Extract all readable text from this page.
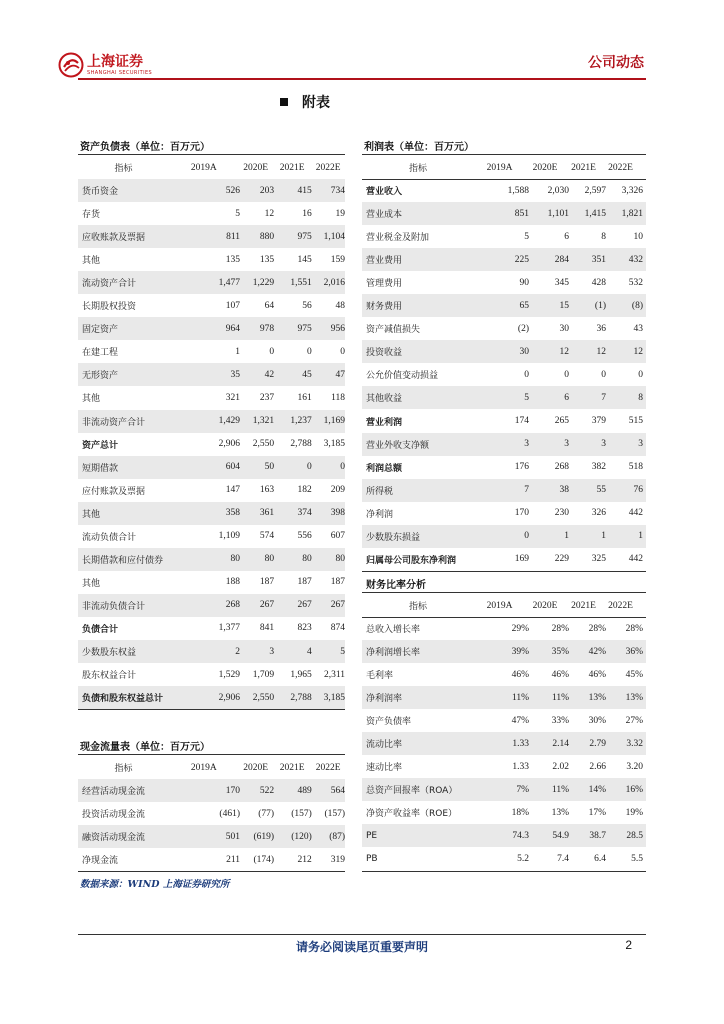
上海证券
SHANGHAI SECURITIES
公司动态
附表
资产负债表（单位：百万元）
指标	2019A	2020E	2021E	2022E
货币资金	526	203	415	734
存货	5	12	16	19
应收账款及票据	811	880	975	1,104
其他	135	135	145	159
流动资产合计	1,477	1,229	1,551	2,016
长期股权投资	107	64	56	48
固定资产	964	978	975	956
在建工程	1	0	0	0
无形资产	35	42	45	47
其他	321	237	161	118
非流动资产合计	1,429	1,321	1,237	1,169
资产总计	2,906	2,550	2,788	3,185
短期借款	604	50	0	0
应付账款及票据	147	163	182	209
其他	358	361	374	398
流动负债合计	1,109	574	556	607
长期借款和应付债券	80	80	80	80
其他	188	187	187	187
非流动负债合计	268	267	267	267
负债合计	1,377	841	823	874
少数股东权益	2	3	4	5
股东权益合计	1,529	1,709	1,965	2,311
负债和股东权益总计	2,906	2,550	2,788	3,185
现金流量表（单位：百万元）
指标	2019A	2020E	2021E	2022E
经营活动现金流	170	522	489	564
投资活动现金流	(461)	(77)	(157)	(157)
融资活动现金流	501	(619)	(120)	(87)
净现金流	211	(174)	212	319
利润表（单位：百万元）
指标	2019A	2020E	2021E	2022E
营业收入	1,588	2,030	2,597	3,326
营业成本	851	1,101	1,415	1,821
营业税金及附加	5	6	8	10
营业费用	225	284	351	432
管理费用	90	345	428	532
财务费用	65	15	(1)	(8)
资产减值损失	(2)	30	36	43
投资收益	30	12	12	12
公允价值变动损益	0	0	0	0
其他收益	5	6	7	8
营业利润	174	265	379	515
营业外收支净额	3	3	3	3
利润总额	176	268	382	518
所得税	7	38	55	76
净利润	170	230	326	442
少数股东损益	0	1	1	1
归属母公司股东净利润	169	229	325	442
财务比率分析
指标	2019A	2020E	2021E	2022E
总收入增长率	29%	28%	28%	28%
净利润增长率	39%	35%	42%	36%
毛利率	46%	46%	46%	45%
净利润率	11%	11%	13%	13%
资产负债率	47%	33%	30%	27%
流动比率	1.33	2.14	2.79	3.32
速动比率	1.33	2.02	2.66	3.20
总资产回报率（ROA）	7%	11%	14%	16%
净资产收益率（ROE）	18%	13%	17%	19%
PE	74.3	54.9	38.7	28.5
PB	5.2	7.4	6.4	5.5
数据来源：WIND 上海证券研究所
请务必阅读尾页重要声明	2
